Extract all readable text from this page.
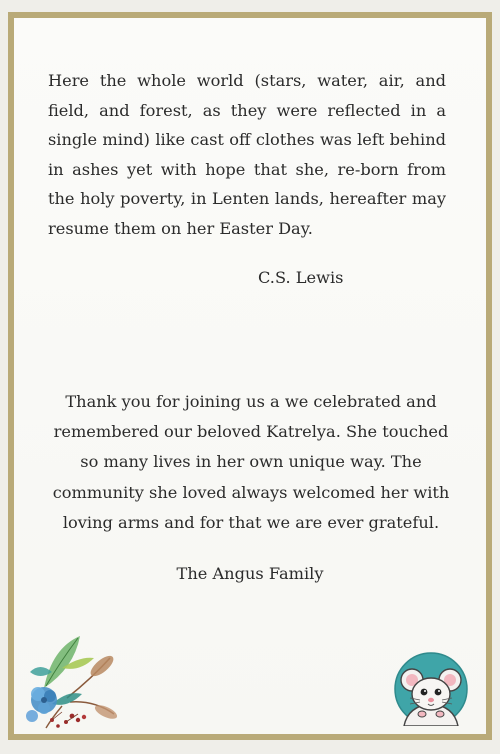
Here the whole world (stars, water, air, and field, and forest, as they were reflected in a single mind) like cast off clothes was left behind in ashes yet with hope that she, re-born from the holy poverty, in Lenten lands, hereafter may resume them on her Easter Day.

C.S. Lewis

Thank you for joining us a we celebrated and remembered our beloved Katrelya. She touched so many lives in her own unique way. The community she loved always welcomed her with loving arms and for that we are ever grateful.

The Angus Family
